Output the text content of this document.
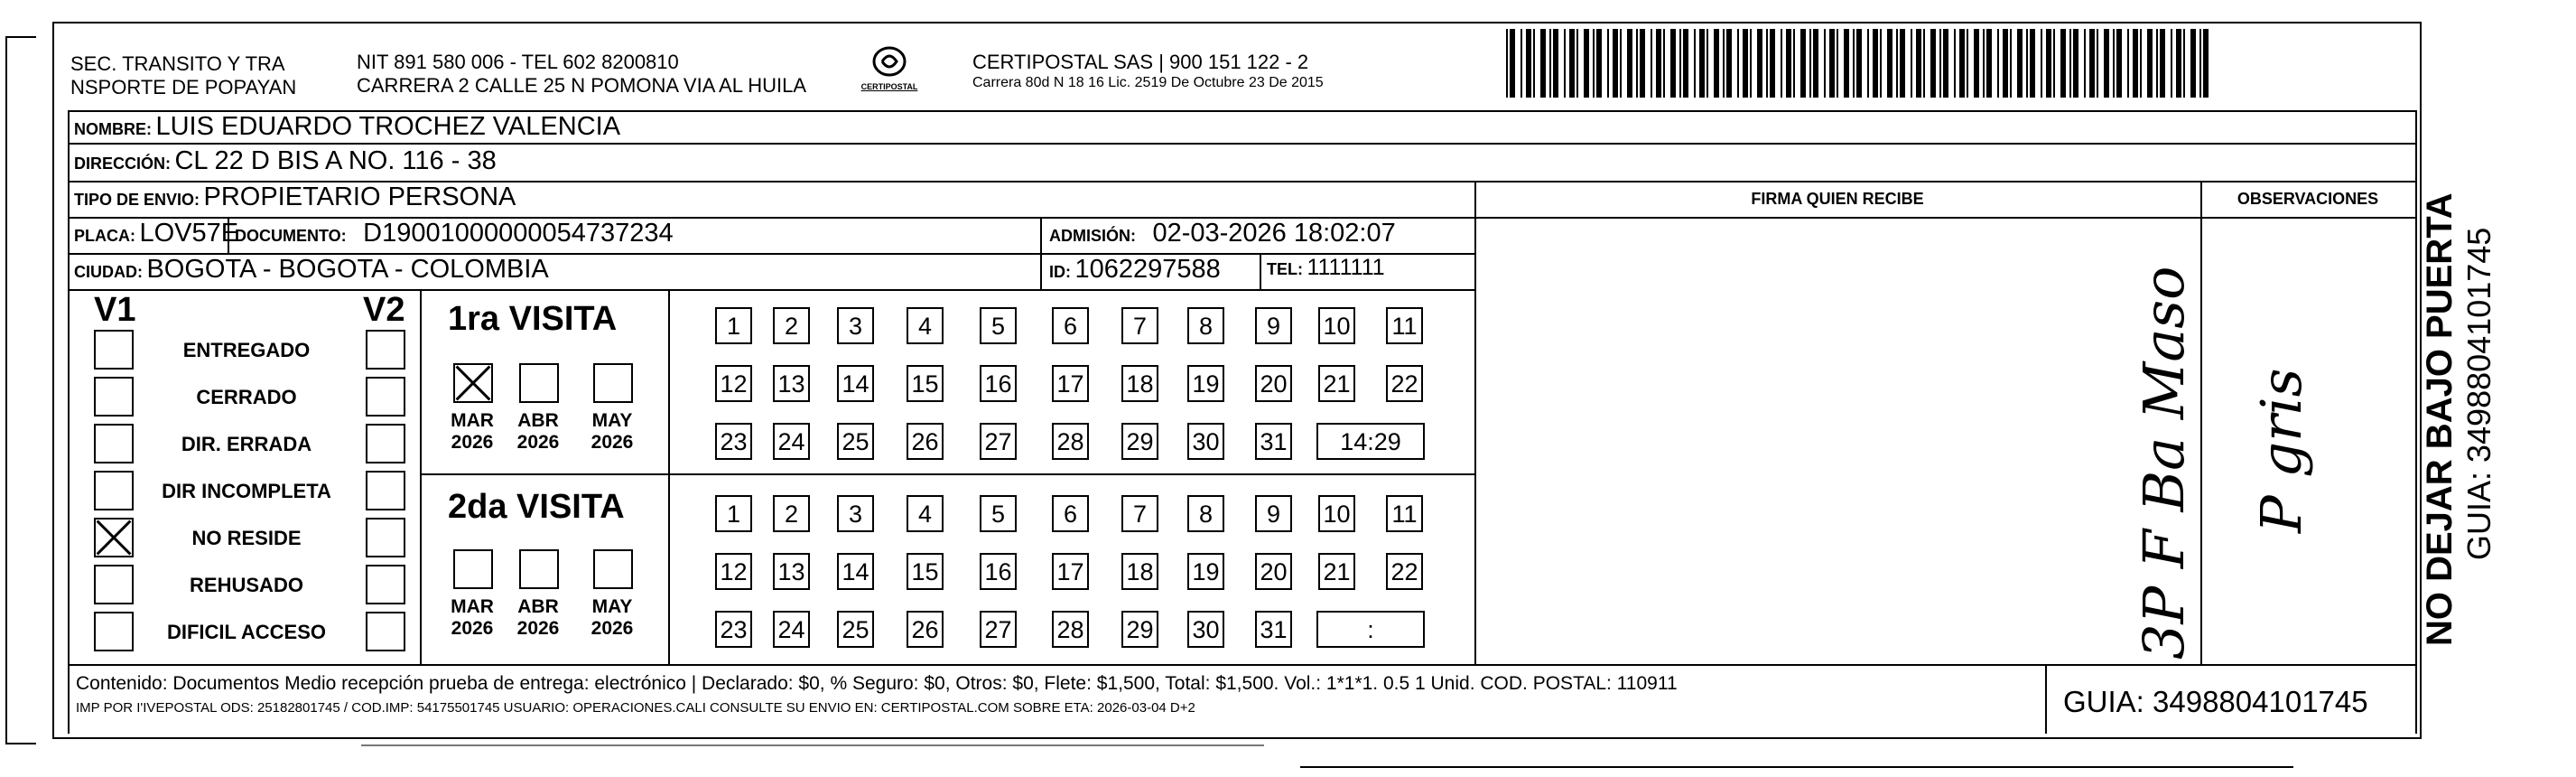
SEC. TRANSITO Y TRA
NSPORTE DE POPAYAN
NIT 891 580 006 - TEL 602 8200810
CARRERA 2 CALLE 25 N POMONA VIA AL HUILA	CERTIPOSTAL
CERTIPOSTAL SAS | 900 151 122 - 2
Carrera 80d N 18 16 Lic. 2519 De Octubre 23 De 2015
NOMBRE: LUIS EDUARDO TROCHEZ VALENCIA
DIRECCIÓN: CL 22 D BIS A NO. 116 - 38
TIPO DE ENVIO: PROPIETARIO PERSONA	FIRMA QUIEN RECIBE	OBSERVACIONES
PLACA: LOV57E
DOCUMENTO: D19001000000054737234	ADMISIÓN: 02-03-2026 18:02:07
CIUDAD: BOGOTA - BOGOTA - COLOMBIA	ID: 1062297588	TEL: 1111111
V1	V2
ENTREGADO
CERRADO
DIR. ERRADA
DIR INCOMPLETA
NO RESIDE
REHUSADO
DIFICIL ACCESO
1ra VISITA
MAR
2026
ABR
2026
MAY
2026
1	2	3	4	5	6	7	8	9	10 11
12 13 14 15 16 17 18 19 20 21 22
23 24 25 26 27 28 29 30 31	14:29
2da VISITA
MAR
2026
ABR
2026
MAY
2026
1	2	3	4	5	6	7	8	9	10 11
12 13 14 15 16 17 18 19 20 21 22
23 24 25 26 27 28 29 30 31	:	3P F Ba Maso P gris
Contenido: Documentos Medio recepción prueba de entrega: electrónico | Declarado: $0, % Seguro: $0, Otros: $0, Flete: $1,500, Total: $1,500. Vol.: 1*1*1. 0.5 1 Unid. COD. POSTAL: 110911
IMP POR I'IVEPOSTAL ODS: 25182801745 / COD.IMP: 54175501745 USUARIO: OPERACIONES.CALI CONSULTE SU ENVIO EN: CERTIPOSTAL.COM SOBRE ETA: 2026-03-04 D+2	GUIA: 3498804101745
NO DEJAR BAJO PUERTA GUIA: 3498804101745
